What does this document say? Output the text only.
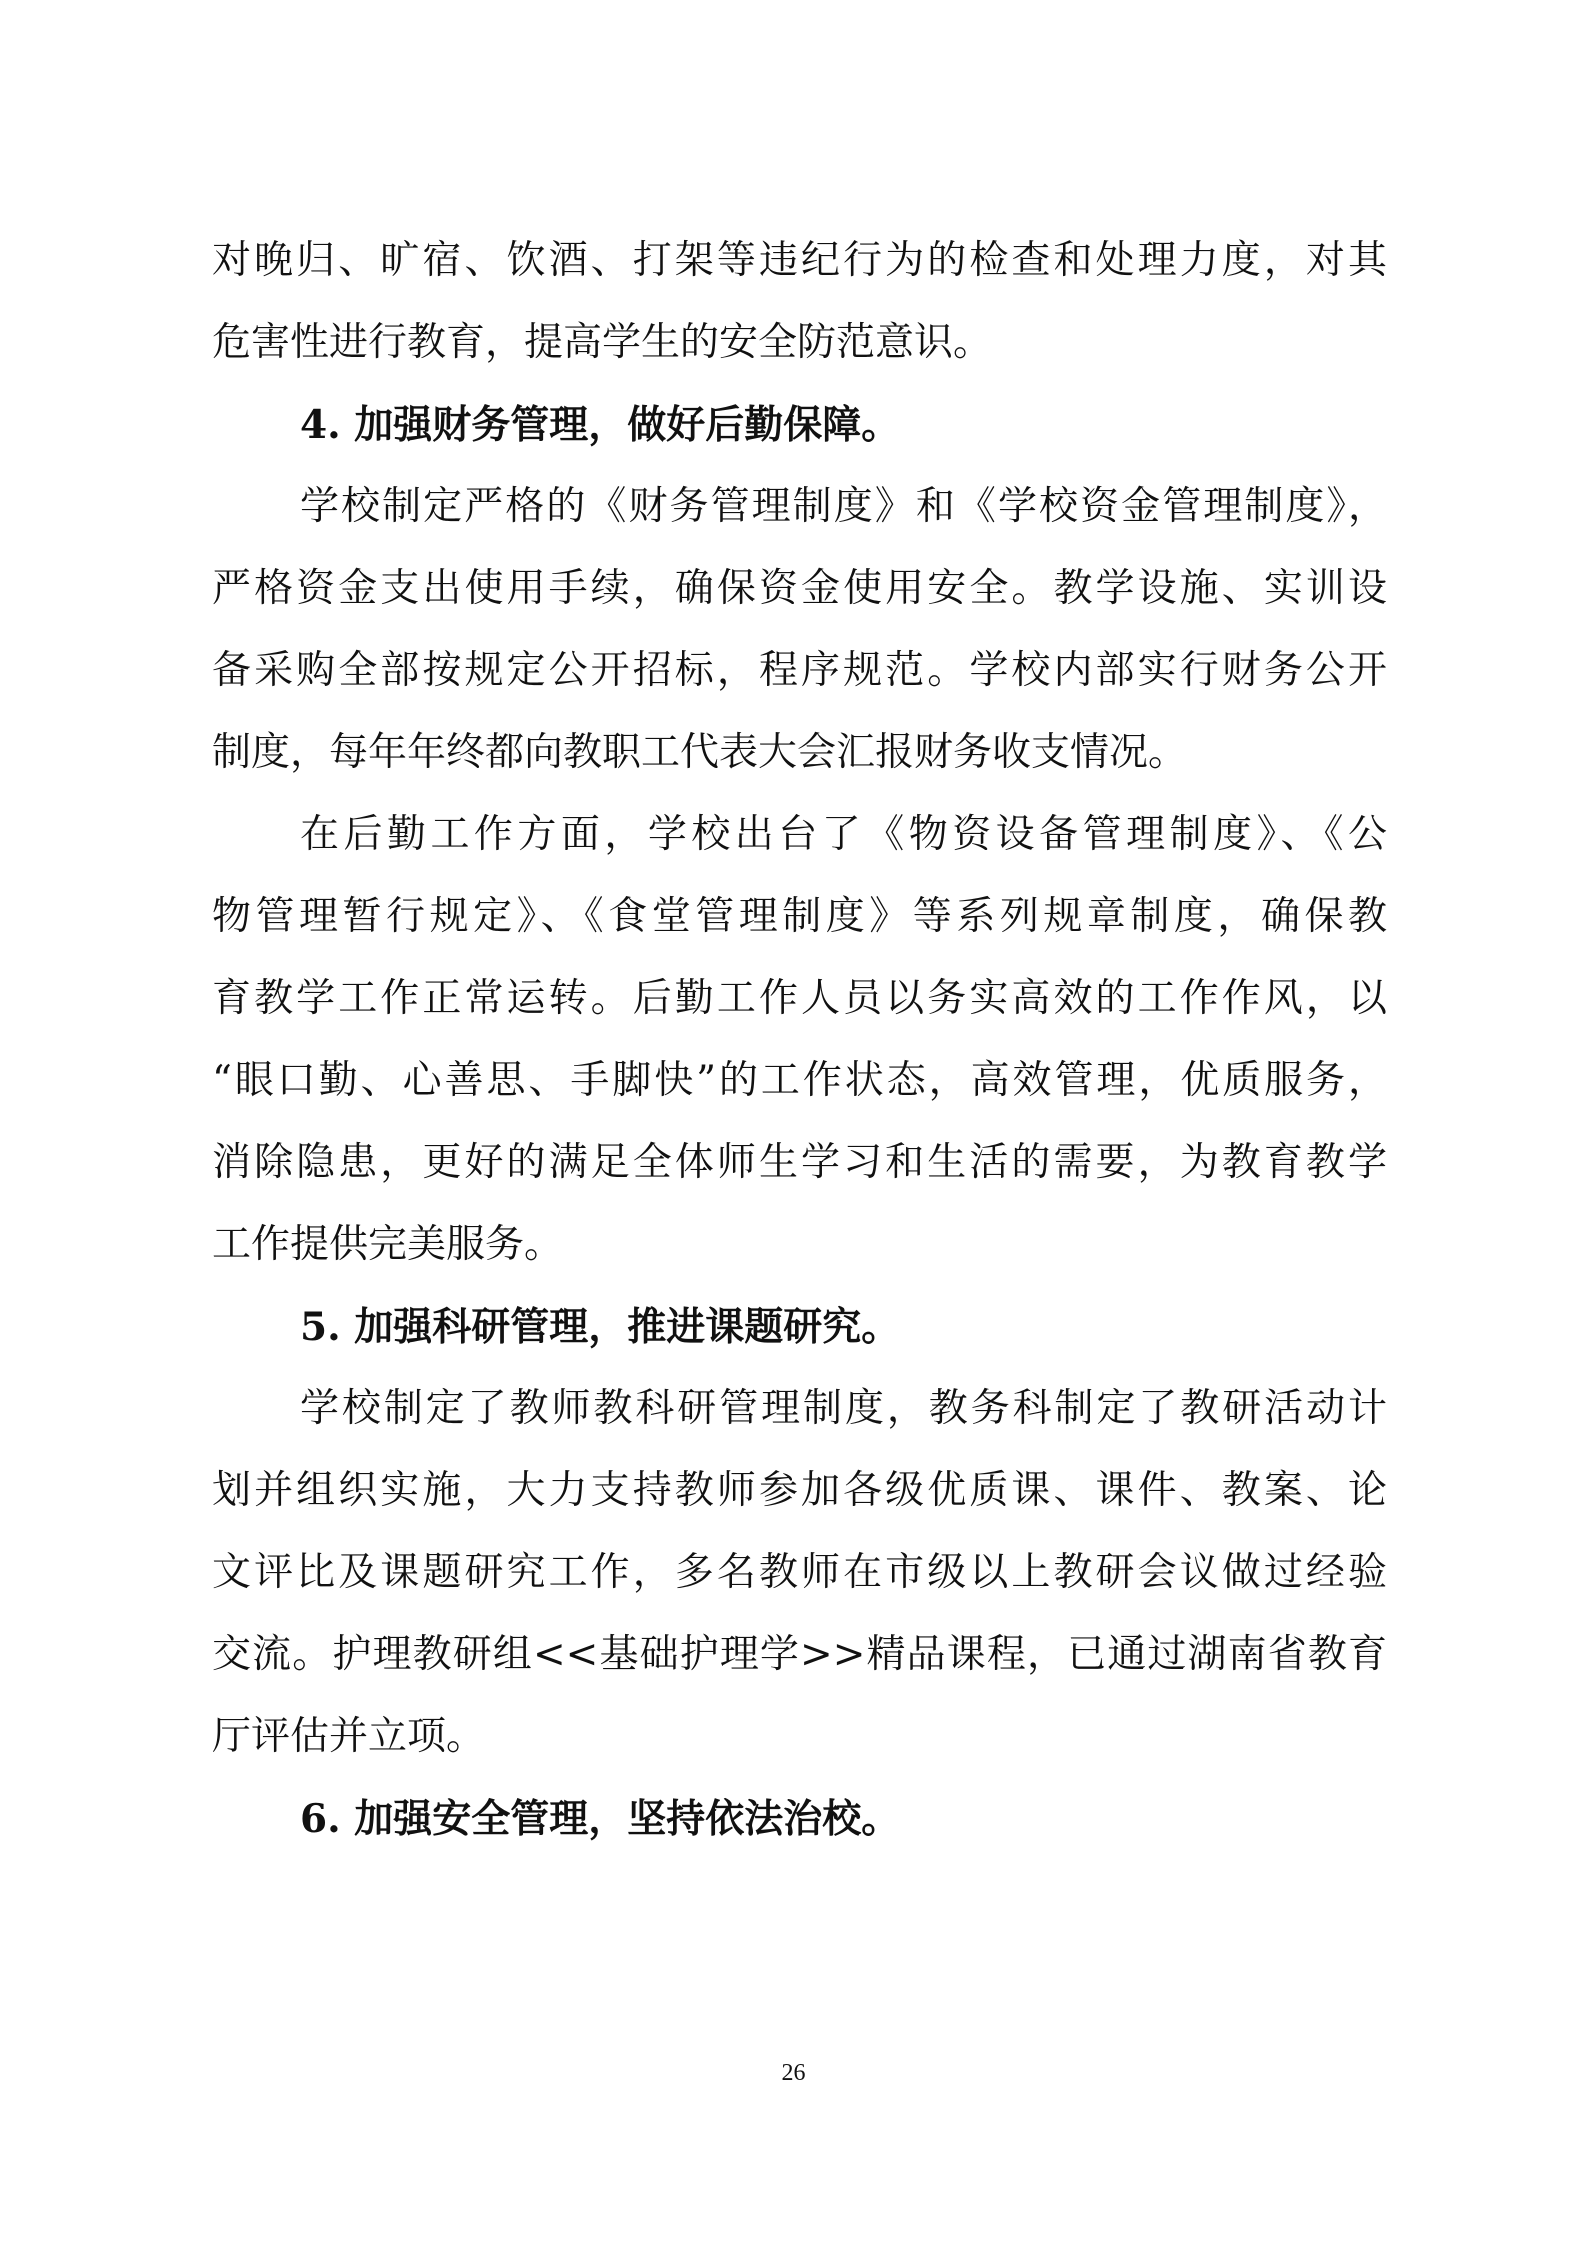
对晚归、旷宿、饮酒、打架等违纪行为的检查和处理力度，对其
危害性进行教育，提高学生的安全防范意识。
4. 加强财务管理，做好后勤保障。
学校制定严格的《财务管理制度》和《学校资金管理制度》，
严格资金支出使用手续，确保资金使用安全。教学设施、实训设
备采购全部按规定公开招标，程序规范。学校内部实行财务公开
制度，每年年终都向教职工代表大会汇报财务收支情况。
在后勤工作方面，学校出台了《物资设备管理制度》、《公
物管理暂行规定》、《食堂管理制度》等系列规章制度，确保教
育教学工作正常运转。后勤工作人员以务实高效的工作作风，以
“眼口勤、心善思、手脚快”的工作状态，高效管理，优质服务，
消除隐患，更好的满足全体师生学习和生活的需要，为教育教学
工作提供完美服务。
5. 加强科研管理，推进课题研究。
学校制定了教师教科研管理制度，教务科制定了教研活动计
划并组织实施，大力支持教师参加各级优质课、课件、教案、论
文评比及课题研究工作，多名教师在市级以上教研会议做过经验
交流。护理教研组<<基础护理学>>精品课程，已通过湖南省教育
厅评估并立项。
6. 加强安全管理，坚持依法治校。
26
